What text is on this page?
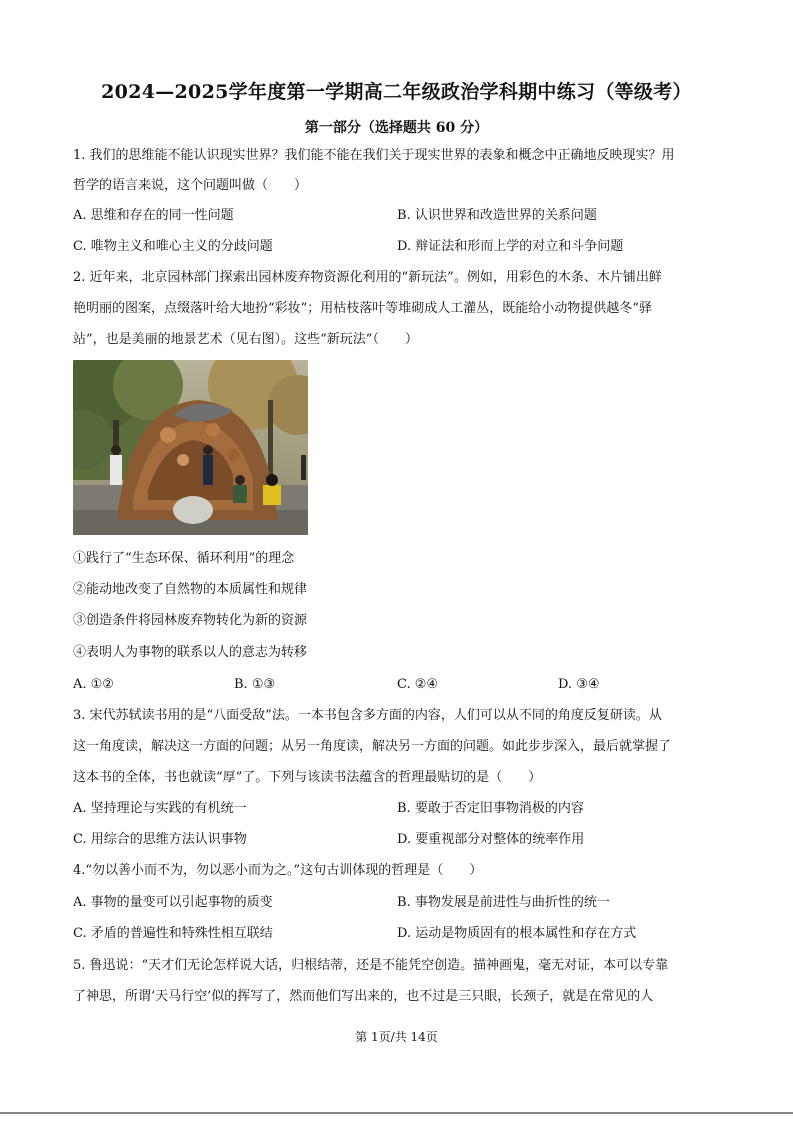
2024—2025学年度第一学期高二年级政治学科期中练习（等级考）
第一部分（选择题共 60 分）
1. 我们的思维能不能认识现实世界？我们能不能在我们关于现实世界的表象和概念中正确地反映现实？用
哲学的语言来说，这个问题叫做（　　）
A. 思维和存在的同一性问题	B. 认识世界和改造世界的关系问题
C. 唯物主义和唯心主义的分歧问题	D. 辩证法和形而上学的对立和斗争问题
2. 近年来，北京园林部门探索出园林废弃物资源化利用的“新玩法”。例如，用彩色的木条、木片铺出鲜
艳明丽的图案，点缀落叶给大地扮“彩妆”；用枯枝落叶等堆砌成人工灌丛，既能给小动物提供越冬“驿
站”，也是美丽的地景艺术（见右图）。这些“新玩法”（　　）
①践行了“生态环保、循环利用”的理念
②能动地改变了自然物的本质属性和规律
③创造条件将园林废弃物转化为新的资源
④表明人为事物的联系以人的意志为转移
A. ①②	B. ①③	C. ②④	D. ③④
3. 宋代苏轼读书用的是“八面受敌”法。一本书包含多方面的内容，人们可以从不同的角度反复研读。从
这一角度读，解决这一方面的问题；从另一角度读，解决另一方面的问题。如此步步深入，最后就掌握了
这本书的全体，书也就读“厚”了。下列与该读书法蕴含的哲理最贴切的是（　　）
A. 坚持理论与实践的有机统一	B. 要敢于否定旧事物消极的内容
C. 用综合的思维方法认识事物	D. 要重视部分对整体的统率作用
4.“勿以善小而不为，勿以恶小而为之。”这句古训体现的哲理是（　　）
A. 事物的量变可以引起事物的质变	B. 事物发展是前进性与曲折性的统一
C. 矛盾的普遍性和特殊性相互联结	D. 运动是物质固有的根本属性和存在方式
5. 鲁迅说：“天才们无论怎样说大话，归根结蒂，还是不能凭空创造。描神画鬼，毫无对证，本可以专靠
了神思，所谓‘天马行空’似的挥写了，然而他们写出来的，也不过是三只眼，长颈子，就是在常见的人
第 1页/共 14页
